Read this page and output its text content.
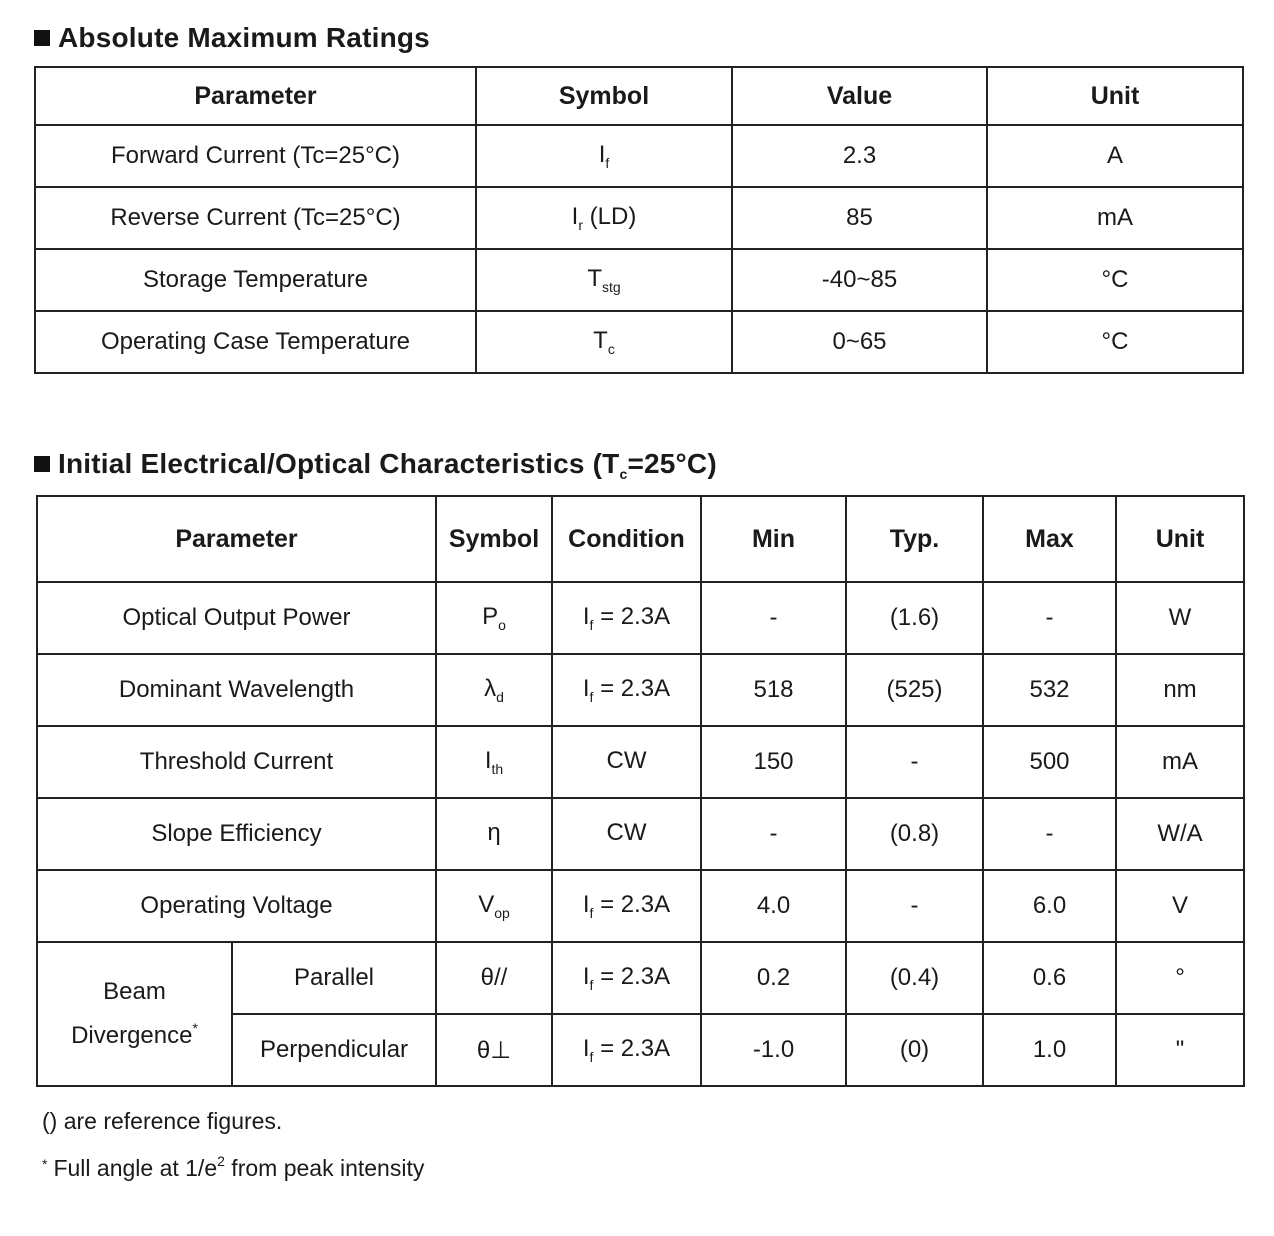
Absolute Maximum Ratings
Parameter	Symbol	Value	Unit
Forward Current (Tc=25°C)	$I_f$	2.3	A
Reverse Current (Tc=25°C)	$I_r$ (LD)	85	mA
Storage Temperature	$T_{stg}$	-40~85	°C
Operating Case Temperature	$T_c$	0~65	°C
Initial Electrical/Optical Characteristics $(T_c=25^\circ C)$
Parameter		Symbol	Condition	Min	Typ.	Max	Unit
Optical Output Power		$P_o$	$I_f = 2.3A$	-	(1.6)	-	W
Dominant Wavelength		$\lambda_d$	$I_f = 2.3A$	518	(525)	532	nm
Threshold Current		$I_{th}$	CW	150	-	500	mA
Slope Efficiency		η	CW	-	(0.8)	-	W/A
Operating Voltage		$V_{op}$	$I_f = 2.3A$	4.0	-	6.0	V
Beam
Divergence*	Parallel	θ//	$I_f = 2.3A$	0.2	(0.4)	0.6	°
	Perpendicular	θ⊥	$I_f = 2.3A$	-1.0	(0)	1.0	"
() are reference figures.
* Full angle at $1/e^2$ from peak intensity
